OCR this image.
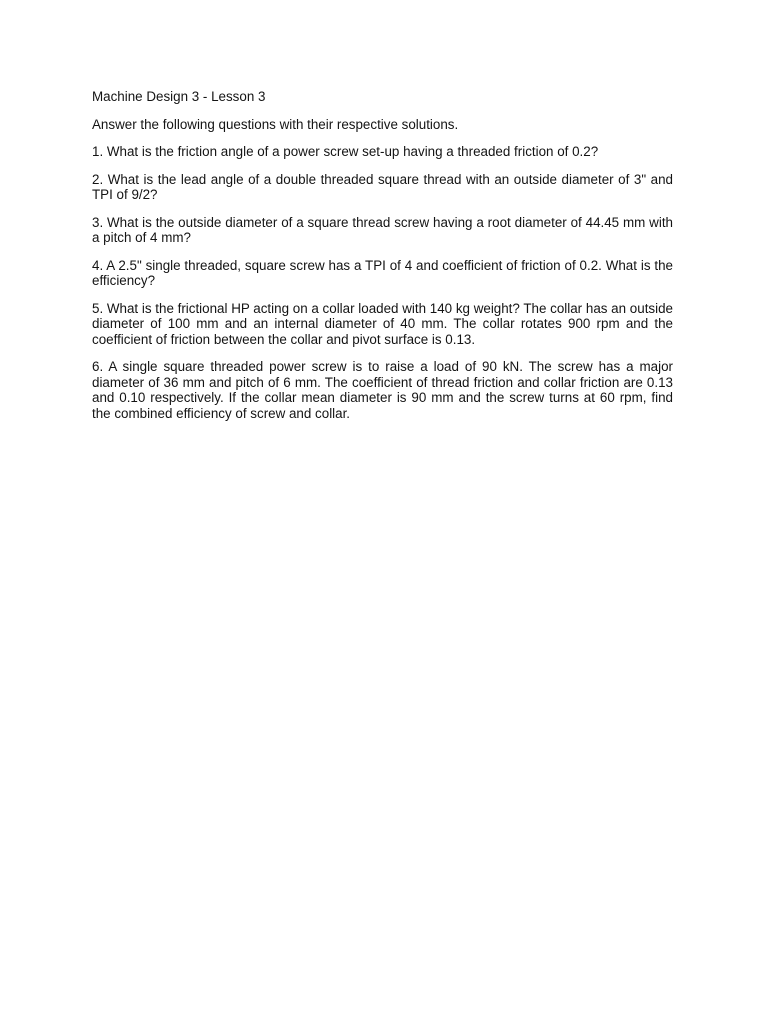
Machine Design 3 - Lesson 3
Answer the following questions with their respective solutions.
1. What is the friction angle of a power screw set-up having a threaded friction of 0.2?
2. What is the lead angle of a double threaded square thread with an outside diameter of 3" and TPI of 9/2?
3. What is the outside diameter of a square thread screw having a root diameter of 44.45 mm with a pitch of 4 mm?
4. A 2.5" single threaded, square screw has a TPI of 4 and coefficient of friction of 0.2. What is the efficiency?
5. What is the frictional HP acting on a collar loaded with 140 kg weight? The collar has an outside diameter of 100 mm and an internal diameter of 40 mm. The collar rotates 900 rpm and the coefficient of friction between the collar and pivot surface is 0.13.
6. A single square threaded power screw is to raise a load of 90 kN. The screw has a major diameter of 36 mm and pitch of 6 mm. The coefficient of thread friction and collar friction are 0.13 and 0.10 respectively. If the collar mean diameter is 90 mm and the screw turns at 60 rpm, find the combined efficiency of screw and collar.
